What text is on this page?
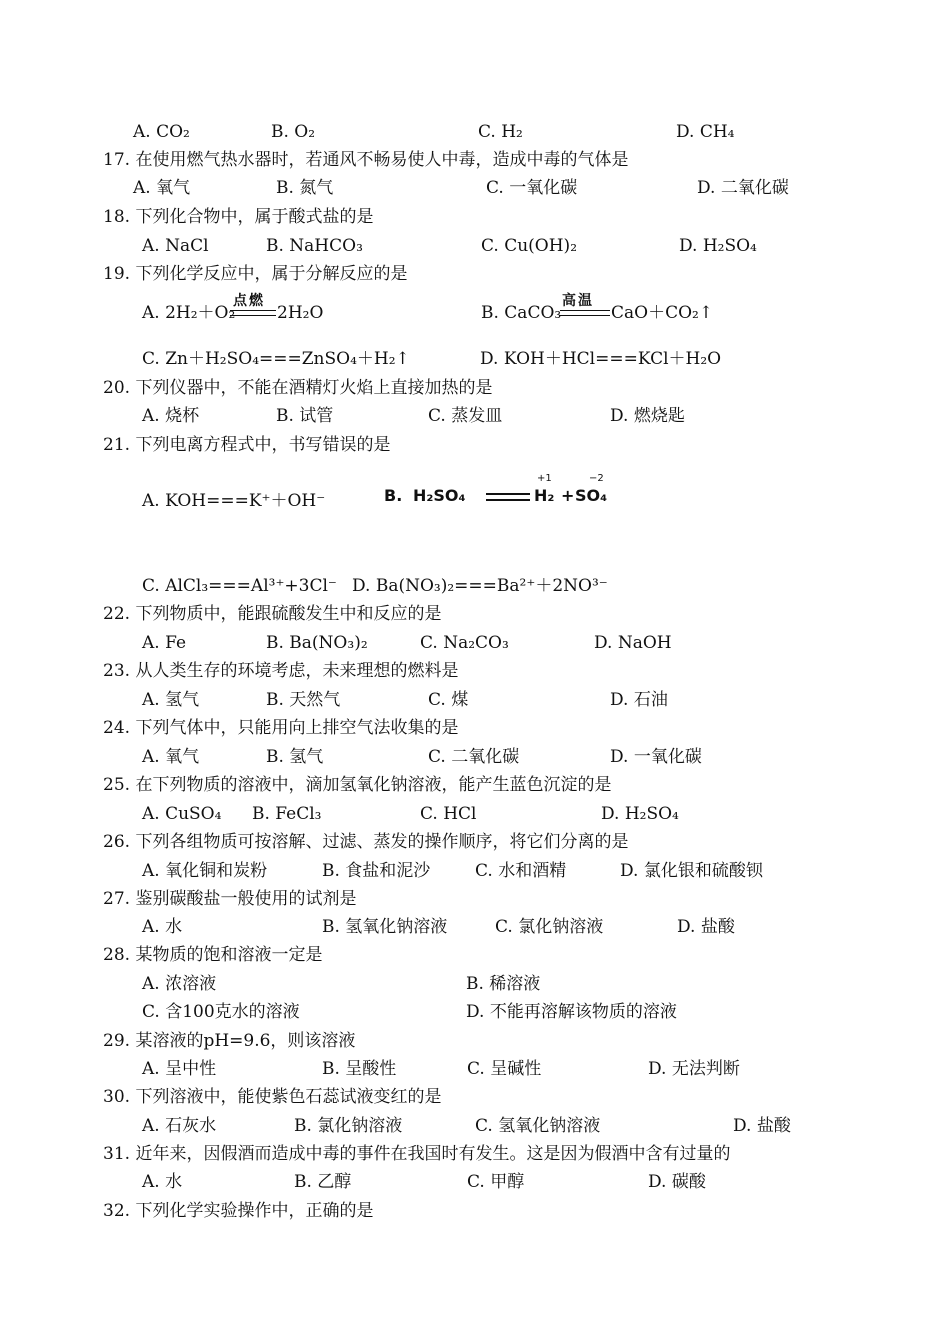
A. CO₂	B. O₂	C. H₂	D. CH₄
17. 在使用燃气热水器时，若通风不畅易使人中毒，造成中毒的气体是
A. 氧气	B. 氮气	C. 一氧化碳	D. 二氧化碳
18. 下列化合物中，属于酸式盐的是
A. NaCl	B. NaHCO₃	C. Cu(OH)₂	D. H₂SO₄
19. 下列化学反应中，属于分解反应的是
A. 2H₂＋O₂
点燃
2H₂O	B. CaCO₃
高温
CaO＋CO₂↑
C. Zn＋H₂SO₄===ZnSO₄＋H₂↑	D. KOH＋HCl===KCl＋H₂O
20. 下列仪器中，不能在酒精灯火焰上直接加热的是
A. 烧杯	B. 试管	C. 蒸发皿	D. 燃烧匙
21. 下列电离方程式中，书写错误的是
A. KOH===K⁺＋OH⁻	B. H₂SO₄
+1
H₂ +
−2
SO₄
C. AlCl₃===Al³⁺+3Cl⁻ D. Ba(NO₃)₂===Ba²⁺＋2NO³⁻
22. 下列物质中，能跟硫酸发生中和反应的是
A. Fe	B. Ba(NO₃)₂	C. Na₂CO₃	D. NaOH
23. 从人类生存的环境考虑，未来理想的燃料是
A. 氢气	B. 天然气	C. 煤	D. 石油
24. 下列气体中，只能用向上排空气法收集的是
A. 氧气	B. 氢气	C. 二氧化碳	D. 一氧化碳
25. 在下列物质的溶液中，滴加氢氧化钠溶液，能产生蓝色沉淀的是
A. CuSO₄ B. FeCl₃	C. HCl	D. H₂SO₄
26. 下列各组物质可按溶解、过滤、蒸发的操作顺序，将它们分离的是
A. 氧化铜和炭粉	B. 食盐和泥沙	C. 水和酒精	D. 氯化银和硫酸钡
27. 鉴别碳酸盐一般使用的试剂是
A. 水	B. 氢氧化钠溶液	C. 氯化钠溶液	D. 盐酸
28. 某物质的饱和溶液一定是
A. 浓溶液	B. 稀溶液
C. 含100克水的溶液	D. 不能再溶解该物质的溶液
29. 某溶液的pH=9.6，则该溶液
A. 呈中性	B. 呈酸性	C. 呈碱性	D. 无法判断
30. 下列溶液中，能使紫色石蕊试液变红的是
A. 石灰水	B. 氯化钠溶液	C. 氢氧化钠溶液	D. 盐酸
31. 近年来，因假酒而造成中毒的事件在我国时有发生。这是因为假酒中含有过量的
A. 水	B. 乙醇	C. 甲醇	D. 碳酸
32. 下列化学实验操作中，正确的是
